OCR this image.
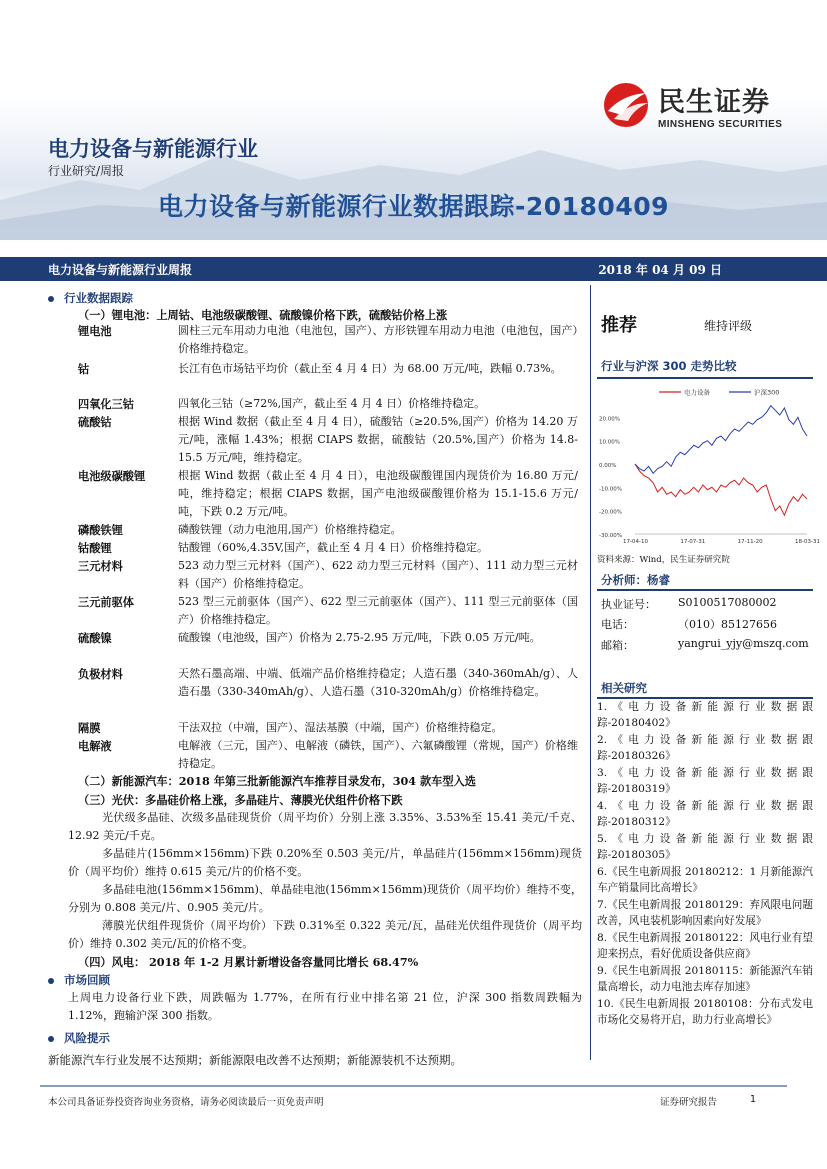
民生证券
MINSHENG SECURITIES
电力设备与新能源行业
行业研究/周报
电力设备与新能源行业数据跟踪-20180409
电力设备与新能源行业周报	2018 年 04 月 09 日
行业数据跟踪
（一）锂电池：上周钴、电池级碳酸锂、硫酸镍价格下跌，硫酸钴价格上涨
锂电池	圆柱三元车用动力电池（电池包，国产）、方形铁锂车用动力电池（电池包，国产）价格维持稳定。
钴	长江有色市场钴平均价（截止至 4 月 4 日）为 68.00 万元/吨，跌幅 0.73%。
四氧化三钴	四氧化三钴（≥72%,国产，截止至 4 月 4 日）价格维持稳定。
硫酸钴	根据 Wind 数据（截止至 4 月 4 日），硫酸钴（≥20.5%,国产）价格为 14.20 万元/吨，涨幅 1.43%；根据 CIAPS 数据，硫酸钴（20.5%,国产）价格为 14.8-15.5 万元/吨，维持稳定。
电池级碳酸锂	根据 Wind 数据（截止至 4 月 4 日），电池级碳酸锂国内现货价为 16.80 万元/吨，维持稳定；根据 CIAPS 数据，国产电池级碳酸锂价格为 15.1-15.6 万元/吨，下跌 0.2 万元/吨。
磷酸铁锂	磷酸铁锂（动力电池用,国产）价格维持稳定。
钴酸锂	钴酸锂（60%,4.35V,国产，截止至 4 月 4 日）价格维持稳定。
三元材料	523 动力型三元材料（国产）、622 动力型三元材料（国产）、111 动力型三元材料（国产）价格维持稳定。
三元前驱体	523 型三元前驱体（国产）、622 型三元前驱体（国产）、111 型三元前驱体（国产）价格维持稳定。
硫酸镍	硫酸镍（电池级，国产）价格为 2.75-2.95 万元/吨，下跌 0.05 万元/吨。
负极材料	天然石墨高端、中端、低端产品价格维持稳定；人造石墨（340-360mAh/g）、人造石墨（330-340mAh/g）、人造石墨（310-320mAh/g）价格维持稳定。
隔膜	干法双拉（中端，国产）、湿法基膜（中端，国产）价格维持稳定。
电解液	电解液（三元，国产）、电解液（磷铁，国产）、六氟磷酸锂（常规，国产）价格维持稳定。
（二）新能源汽车：2018 年第三批新能源汽车推荐目录发布，304 款车型入选
（三）光伏：多晶硅价格上涨，多晶硅片、薄膜光伏组件价格下跌
光伏级多晶硅、次级多晶硅现货价（周平均价）分别上涨 3.35%、3.53%至 15.41 美元/千克、12.92 美元/千克。
多晶硅片(156mm×156mm)下跌 0.20%至 0.503 美元/片，单晶硅片(156mm×156mm)现货价（周平均价）维持 0.615 美元/片的价格不变。
多晶硅电池(156mm×156mm)、单晶硅电池(156mm×156mm)现货价（周平均价）维持不变，分别为 0.808 美元/片、0.905 美元/片。
薄膜光伏组件现货价（周平均价）下跌 0.31%至 0.322 美元/瓦，晶硅光伏组件现货价（周平均价）维持 0.302 美元/瓦的价格不变。
（四）风电： 2018 年 1-2 月累计新增设备容量同比增长 68.47%
市场回顾
上周电力设备行业下跌，周跌幅为 1.77%，在所有行业中排名第 21 位，沪深 300 指数周跌幅为 1.12%，跑输沪深 300 指数。
风险提示
新能源汽车行业发展不达预期；新能源限电改善不达预期；新能源装机不达预期。
推荐	维持评级
行业与沪深 300 走势比较
20.00%
10.00%
0.00%
-10.00%
-20.00%
-30.00%
17-04-10	17-07-31	17-11-20	18-03-31
电力设备	沪深300
资料来源：Wind，民生证券研究院
分析师：杨睿
执业证号： S0100517080002
电话：	（010）85127656
邮箱：	yangrui_yjy@mszq.com
相关研究
1.《电力设备新能源行业数据跟踪-20180402》
2.《电力设备新能源行业数据跟踪-20180326》
3.《电力设备新能源行业数据跟踪-20180319》
4.《电力设备新能源行业数据跟踪-20180312》
5.《电力设备新能源行业数据跟踪-20180305》
6.《民生电新周报 20180212：1 月新能源汽车产销量同比高增长》
7.《民生电新周报 20180129：弃风限电问题改善，风电装机影响因素向好发展》
8.《民生电新周报 20180122：风电行业有望迎来拐点，看好优质设备供应商》
9.《民生电新周报 20180115：新能源汽车销量高增长，动力电池去库存加速》
10.《民生电新周报 20180108：分布式发电市场化交易将开启，助力行业高增长》
本公司具备证券投资咨询业务资格，请务必阅读最后一页免责声明	证券研究报告	1
